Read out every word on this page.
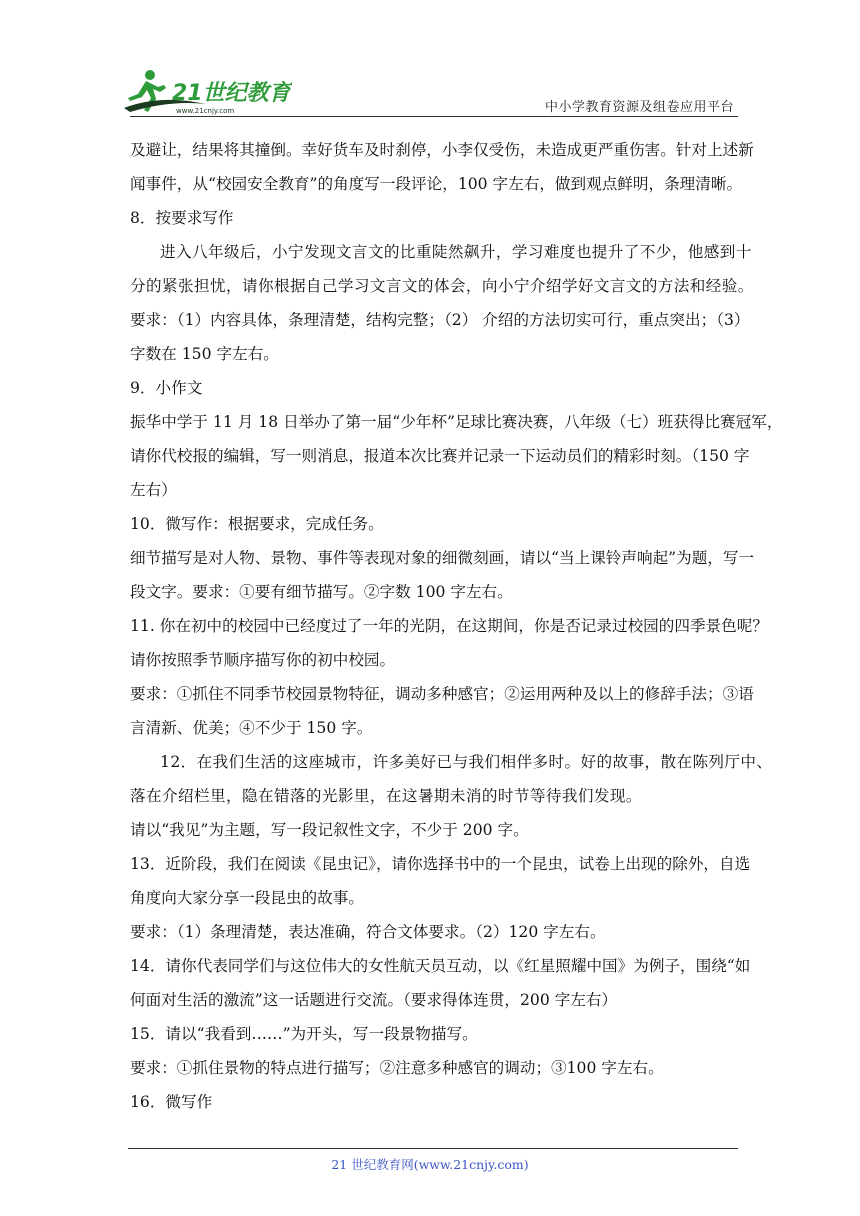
21世纪教育
www.21cnjy.com	中小学教育资源及组卷应用平台

及避让，结果将其撞倒。幸好货车及时刹停，小李仅受伤，未造成更严重伤害。针对上述新

闻事件，从“校园安全教育”的角度写一段评论，100 字左右，做到观点鲜明，条理清晰。

8．按要求写作

进入八年级后，小宁发现文言文的比重陡然飙升，学习难度也提升了不少，他感到十

分的紧张担忧，请你根据自己学习文言文的体会，向小宁介绍学好文言文的方法和经验。

要求：（1）内容具体，条理清楚，结构完整；（2） 介绍的方法切实可行，重点突出；（3）

字数在 150 字左右。

9．小作文

振华中学于 11 月 18 日举办了第一届“少年杯”足球比赛决赛，八年级（七）班获得比赛冠军，

请你代校报的编辑，写一则消息，报道本次比赛并记录一下运动员们的精彩时刻。（150 字

左右）

10．微写作：根据要求，完成任务。

细节描写是对人物、景物、事件等表现对象的细微刻画，请以“当上课铃声响起”为题，写一

段文字。要求：①要有细节描写。②字数 100 字左右。

11. 你在初中的校园中已经度过了一年的光阴，在这期间，你是否记录过校园的四季景色呢？

请你按照季节顺序描写你的初中校园。

要求：①抓住不同季节校园景物特征，调动多种感官；②运用两种及以上的修辞手法；③语

言清新、优美；④不少于 150 字。

12．在我们生活的这座城市，许多美好已与我们相伴多时。好的故事，散在陈列厅中、

落在介绍栏里，隐在错落的光影里，在这暑期未消的时节等待我们发现。

请以“我见”为主题，写一段记叙性文字，不少于 200 字。

13．近阶段，我们在阅读《昆虫记》，请你选择书中的一个昆虫，试卷上出现的除外，自选

角度向大家分享一段昆虫的故事。

要求：（1）条理清楚，表达准确，符合文体要求。（2）120 字左右。

14．请你代表同学们与这位伟大的女性航天员互动，以《红星照耀中国》为例子，围绕“如

何面对生活的激流”这一话题进行交流。（要求得体连贯，200 字左右）

15．请以“我看到……”为开头，写一段景物描写。

要求：①抓住景物的特点进行描写；②注意多种感官的调动；③100 字左右。

16．微写作

21 世纪教育网(www.21cnjy.com)
